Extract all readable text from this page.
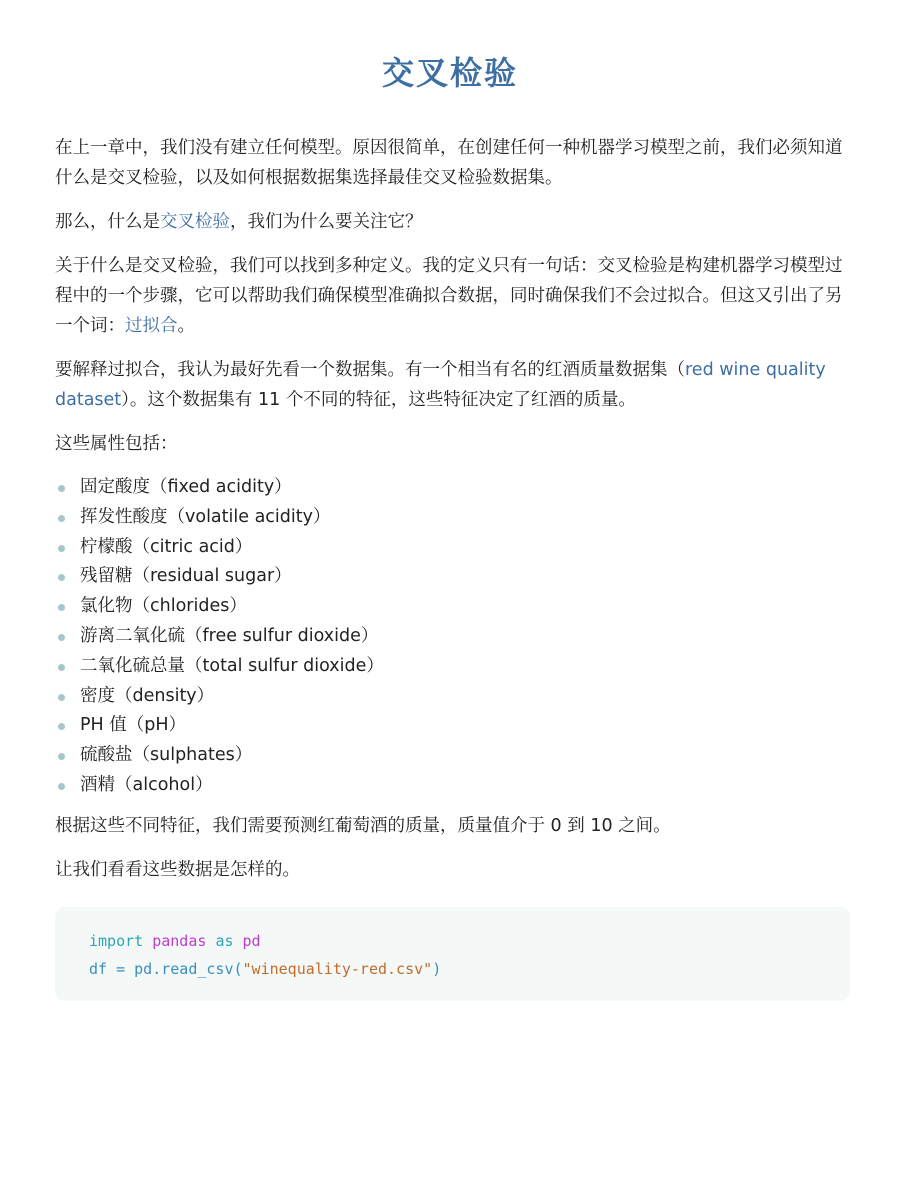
交叉检验

在上一章中，我们没有建立任何模型。原因很简单，在创建任何一种机器学习模型之前，我们必须知道什么是交叉检验，以及如何根据数据集选择最佳交叉检验数据集。

那么，什么是交叉检验，我们为什么要关注它？

关于什么是交叉检验，我们可以找到多种定义。我的定义只有一句话：交叉检验是构建机器学习模型过程中的一个步骤，它可以帮助我们确保模型准确拟合数据，同时确保我们不会过拟合。但这又引出了另一个词：过拟合。

要解释过拟合，我认为最好先看一个数据集。有一个相当有名的红酒质量数据集（red wine quality dataset）。这个数据集有 11 个不同的特征，这些特征决定了红酒的质量。

这些属性包括：

固定酸度（fixed acidity）
挥发性酸度（volatile acidity）
柠檬酸（citric acid）
残留糖（residual sugar）
氯化物（chlorides）
游离二氧化硫（free sulfur dioxide）
二氧化硫总量（total sulfur dioxide）
密度（density）
PH 值（pH）
硫酸盐（sulphates）
酒精（alcohol）

根据这些不同特征，我们需要预测红葡萄酒的质量，质量值介于 0 到 10 之间。

让我们看看这些数据是怎样的。

import pandas as pd
df = pd.read_csv("winequality-red.csv")
